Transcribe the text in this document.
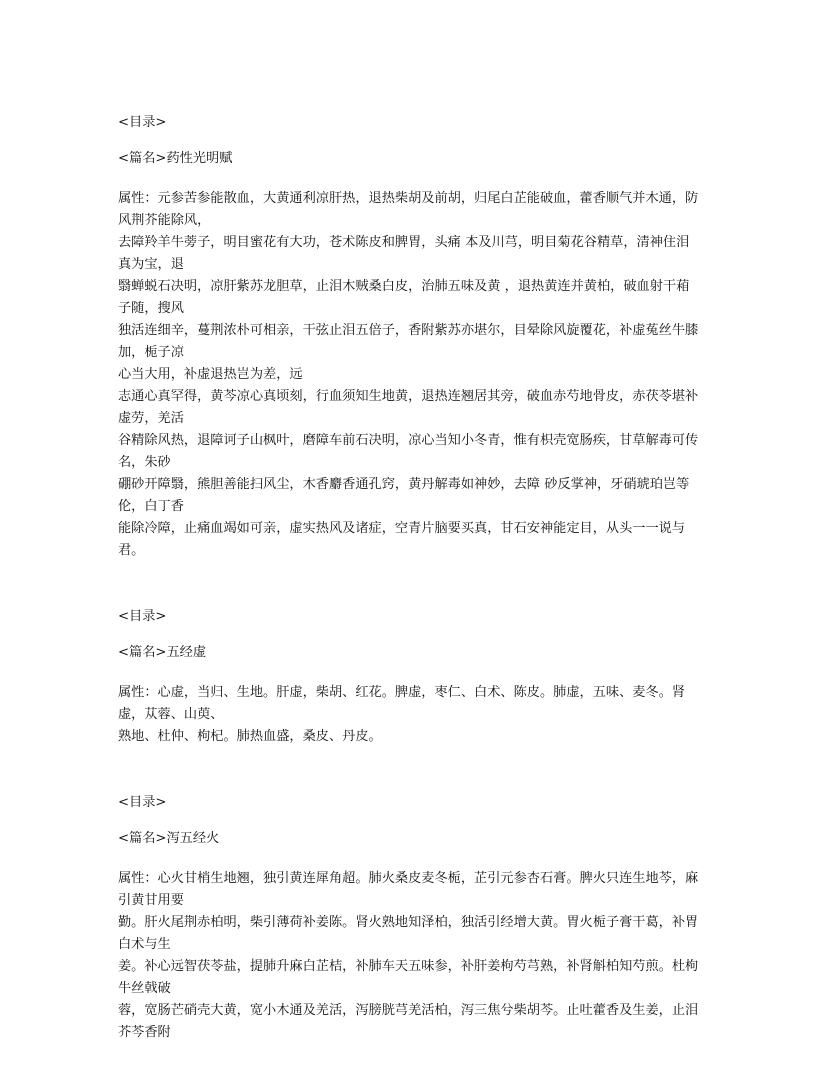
<目录>

<篇名>药性光明赋

属性：元参苦参能散血，大黄通利凉肝热，退热柴胡及前胡，归尾白芷能破血，藿香顺气并木通，防风荆芥能除风，

去障羚羊牛蒡子，明目蜜花有大功，苍术陈皮和脾胃，头痛 本及川芎，明目菊花谷精草，清神住泪真为宝，退

翳蝉蜕石决明，凉肝紫苏龙胆草，止泪木贼桑白皮，治肺五味及黄 ，退热黄连并黄柏，破血射干葙子随，搜风

独活连细辛，蔓荆浓朴可相亲，干弦止泪五倍子，香附紫苏亦堪尔，目晕除风旋覆花，补虚菟丝牛膝加，栀子凉

心当大用，补虚退热岂为差，远

志通心真罕得，黄芩凉心真顷刻，行血须知生地黄，退热连翘居其旁，破血赤芍地骨皮，赤茯苓堪补虚劳，羌活

谷精除风热，退障诃子山枫叶，磨障车前石决明，凉心当知小冬青，惟有枳壳宽肠疾，甘草解毒可传名，朱砂

硼砂开障翳，熊胆善能扫风尘，木香麝香通孔窍，黄丹解毒如神妙，去障 砂反掌神，牙硝琥珀岂等伦，白丁香

能除冷障，止痛血竭如可亲，虚实热风及诸症，空青片脑要买真，甘石安神能定目，从头一一说与君。

<目录>

<篇名>五经虚

属性：心虚，当归、生地。肝虚，柴胡、红花。脾虚，枣仁、白术、陈皮。肺虚，五味、麦冬。肾虚，苁蓉、山萸、

熟地、杜仲、枸杞。肺热血盛，桑皮、丹皮。

<目录>

<篇名>泻五经火

属性：心火甘梢生地翘，独引黄连犀角超。肺火桑皮麦冬栀，芷引元参杏石膏。脾火只连生地芩，麻引黄甘用要

勤。肝火尾荆赤柏明，柴引薄荷补姜陈。肾火熟地知泽柏，独活引经增大黄。胃火栀子膏干葛，补胃白术与生

姜。补心远智茯苓盐，提肺升麻白芷桔，补肺车天五味参，补肝姜枸芍芎熟，补肾斛柏知芍煎。杜枸牛丝戟破

蓉，宽肠芒硝壳大黄，宽小木通及羌活，泻膀胱芎羌活柏，泻三焦兮柴胡芩。止吐藿香及生姜，止泪芥芩香附
